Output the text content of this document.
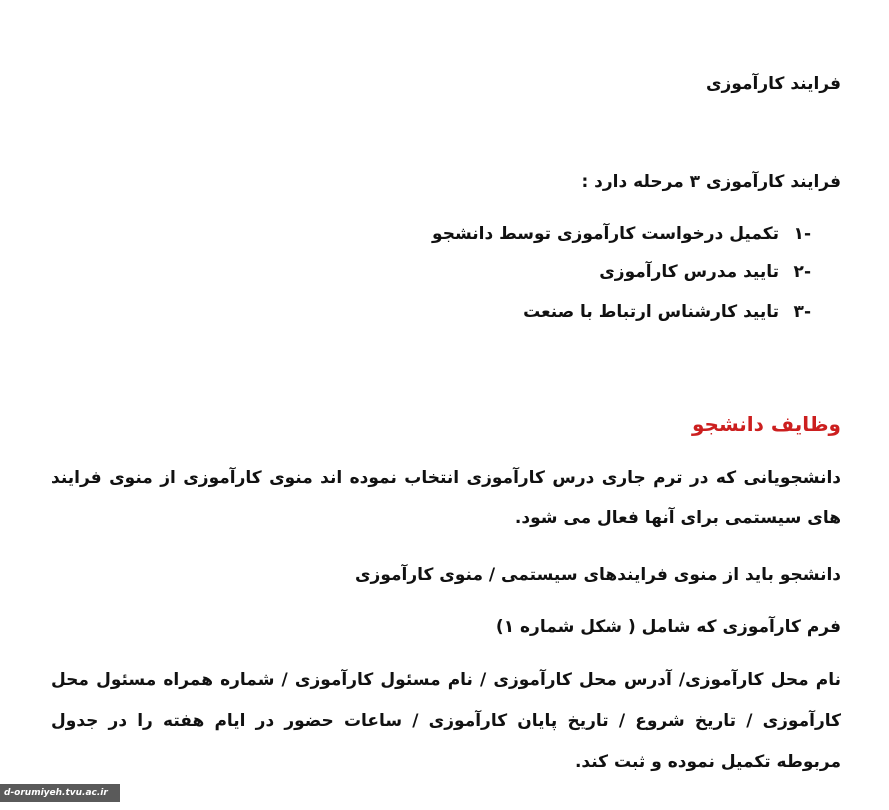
فرایند کارآموزی
فرایند کارآموزی ۳ مرحله دارد :
-۱
تکمیل درخواست کارآموزی توسط دانشجو
-۲
تایید مدرس کارآموزی
-۳
تایید کارشناس ارتباط با صنعت
وظایف دانشجو
دانشجویانی که در ترم جاری درس کارآموزی انتخاب نموده اند منوی کارآموزی از منوی فرایند های سیستمی برای آنها فعال می شود.
دانشجو باید از منوی فرایندهای سیستمی / منوی کارآموزی
فرم کارآموزی که شامل ( شکل شماره ۱)
نام محل کارآموزی/ آدرس محل کارآموزی / نام مسئول کارآموزی / شماره همراه مسئول محل کارآموزی / تاریخ شروع / تاریخ پایان کارآموزی / ساعات حضور در ایام هفته را در جدول مربوطه تکمیل نموده و ثبت کند.
d-orumiyeh.tvu.ac.ir
